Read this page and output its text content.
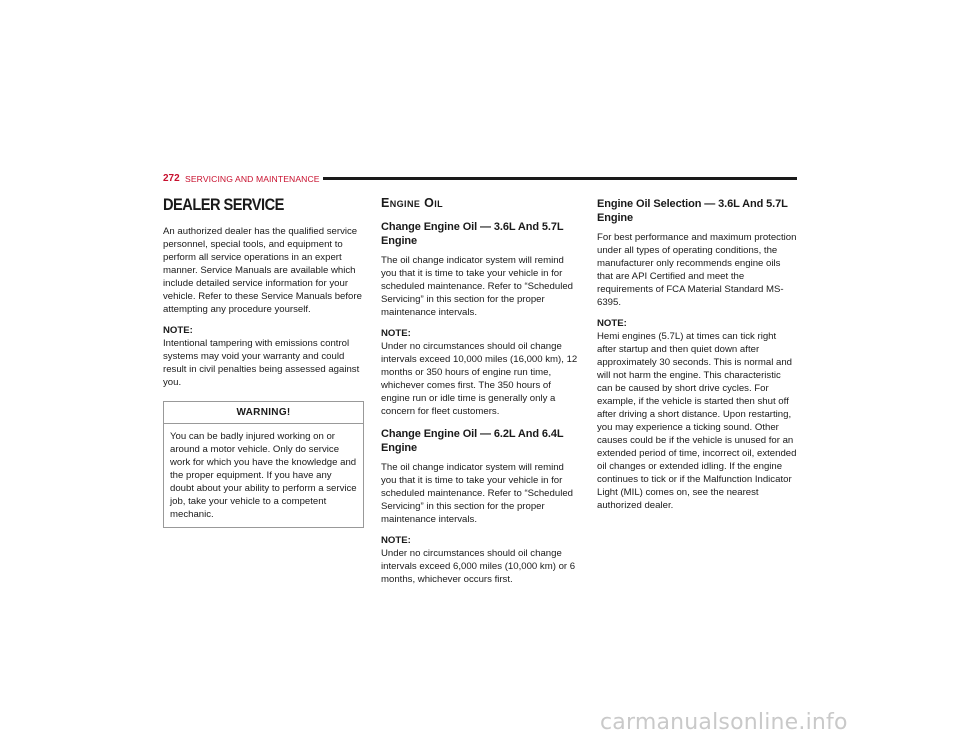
272 SERVICING AND MAINTENANCE
DEALER SERVICE

An authorized dealer has the qualified service personnel, special tools, and equipment to perform all service operations in an expert manner. Service Manuals are available which include detailed service information for your vehicle. Refer to these Service Manuals before attempting any procedure yourself.

NOTE:
Intentional tampering with emissions control systems may void your warranty and could result in civil penalties being assessed against you.
WARNING!
You can be badly injured working on or around a motor vehicle. Only do service work for which you have the knowledge and the proper equipment. If you have any doubt about your ability to perform a service job, take your vehicle to a competent mechanic.
Engine Oil
Change Engine Oil — 3.6L And 5.7L Engine

The oil change indicator system will remind you that it is time to take your vehicle in for scheduled maintenance. Refer to “Scheduled Servicing” in this section for the proper maintenance intervals.

NOTE:
Under no circumstances should oil change intervals exceed 10,000 miles (16,000 km), 12 months or 350 hours of engine run time, whichever comes first. The 350 hours of engine run or idle time is generally only a concern for fleet customers.
Change Engine Oil — 6.2L And 6.4L Engine

The oil change indicator system will remind you that it is time to take your vehicle in for scheduled maintenance. Refer to “Scheduled Servicing” in this section for the proper maintenance intervals.

NOTE:
Under no circumstances should oil change intervals exceed 6,000 miles (10,000 km) or 6 months, whichever occurs first.
Engine Oil Selection — 3.6L And 5.7L Engine

For best performance and maximum protection under all types of operating conditions, the manufacturer only recommends engine oils that are API Certified and meet the requirements of FCA Material Standard MS-6395.

NOTE:
Hemi engines (5.7L) at times can tick right after startup and then quiet down after approximately 30 seconds. This is normal and will not harm the engine. This characteristic can be caused by short drive cycles. For example, if the vehicle is started then shut off after driving a short distance. Upon restarting, you may experience a ticking sound. Other causes could be if the vehicle is unused for an extended period of time, incorrect oil, extended oil changes or extended idling. If the engine continues to tick or if the Malfunction Indicator Light (MIL) comes on, see the nearest authorized dealer.
carmanualsonline.info
